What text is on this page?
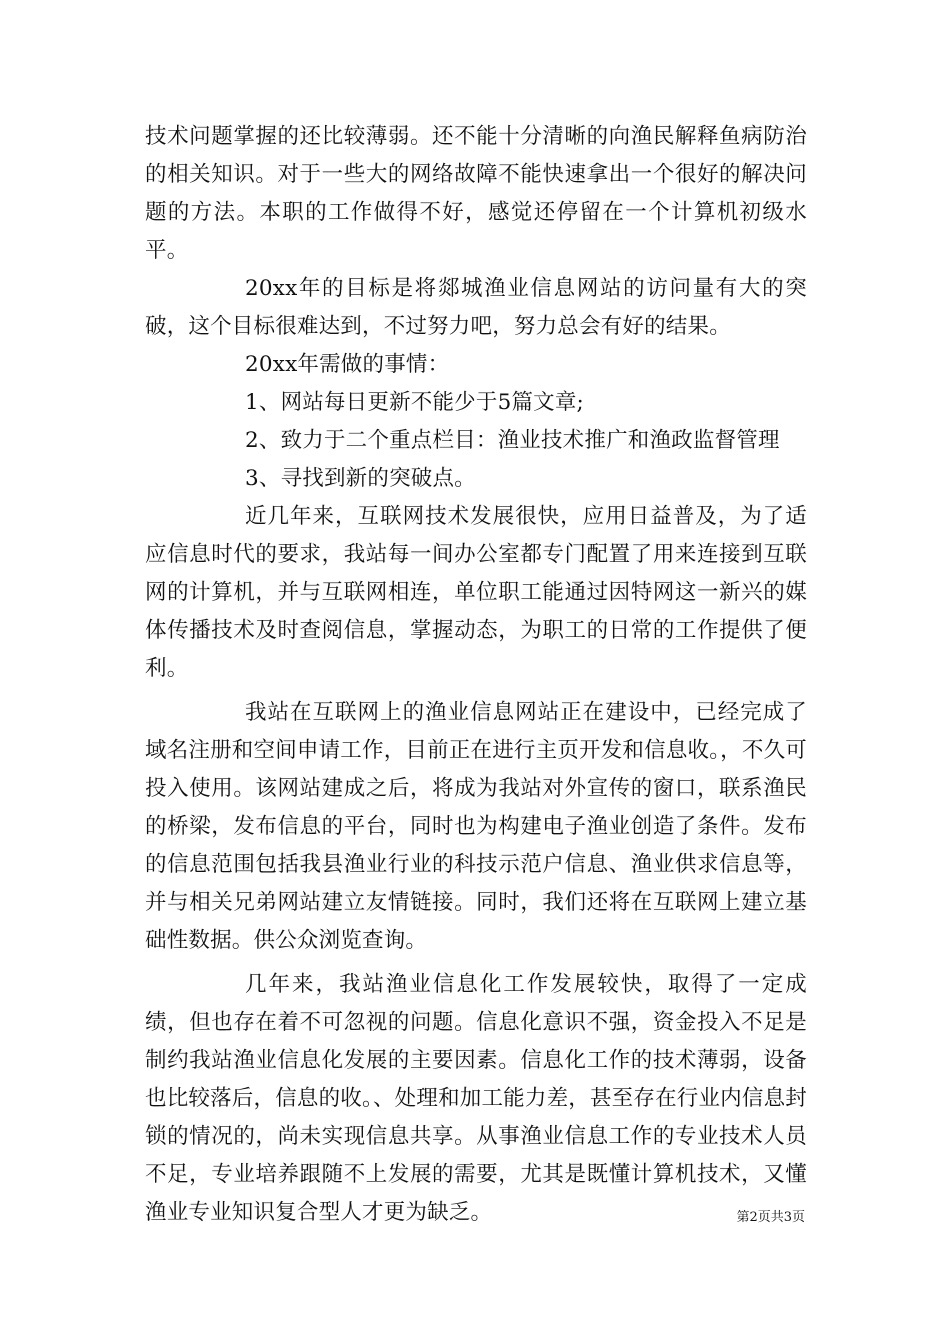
技术问题掌握的还比较薄弱。还不能十分清晰的向渔民解释鱼病防治的相关知识。对于一些大的网络故障不能快速拿出一个很好的解决问题的方法。本职的工作做得不好，感觉还停留在一个计算机初级水平。

20xx年的目标是将郯城渔业信息网站的访问量有大的突破，这个目标很难达到，不过努力吧，努力总会有好的结果。

20xx年需做的事情：

1、网站每日更新不能少于5篇文章;

2、致力于二个重点栏目：渔业技术推广和渔政监督管理

3、寻找到新的突破点。

近几年来，互联网技术发展很快，应用日益普及，为了适应信息时代的要求，我站每一间办公室都专门配置了用来连接到互联网的计算机，并与互联网相连，单位职工能通过因特网这一新兴的媒体传播技术及时查阅信息，掌握动态，为职工的日常的工作提供了便利。

我站在互联网上的渔业信息网站正在建设中，已经完成了域名注册和空间申请工作，目前正在进行主页开发和信息收。，不久可投入使用。该网站建成之后，将成为我站对外宣传的窗口，联系渔民的桥梁，发布信息的平台，同时也为构建电子渔业创造了条件。发布的信息范围包括我县渔业行业的科技示范户信息、渔业供求信息等，并与相关兄弟网站建立友情链接。同时，我们还将在互联网上建立基础性数据。供公众浏览查询。

几年来，我站渔业信息化工作发展较快，取得了一定成绩，但也存在着不可忽视的问题。信息化意识不强，资金投入不足是制约我站渔业信息化发展的主要因素。信息化工作的技术薄弱，设备也比较落后，信息的收。、处理和加工能力差，甚至存在行业内信息封锁的情况的，尚未实现信息共享。从事渔业信息工作的专业技术人员不足，专业培养跟随不上发展的需要，尤其是既懂计算机技术，又懂渔业专业知识复合型人才更为缺乏。	第2页共3页
